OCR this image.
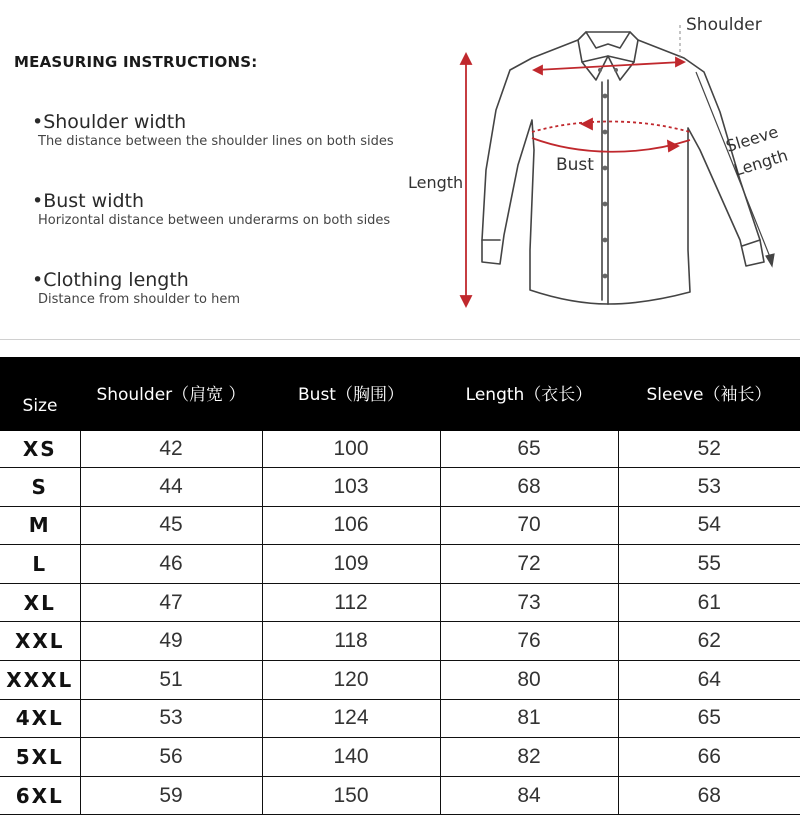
MEASURING INSTRUCTIONS:
•Shoulder width
The distance between the shoulder lines on both sides
•Bust width
Horizontal distance between underarms on both sides
•Clothing length
Distance from shoulder to hem
Shoulder
Bust
Length
Sleeve
Length
Size	Shoulder（肩宽 ）	Bust（胸围）	Length（衣长）	Sleeve（袖长）
XS	42	100	65	52
S	44	103	68	53
M	45	106	70	54
L	46	109	72	55
XL	47	112	73	61
XXL	49	118	76	62
XXXL	51	120	80	64
4XL	53	124	81	65
5XL	56	140	82	66
6XL	59	150	84	68
